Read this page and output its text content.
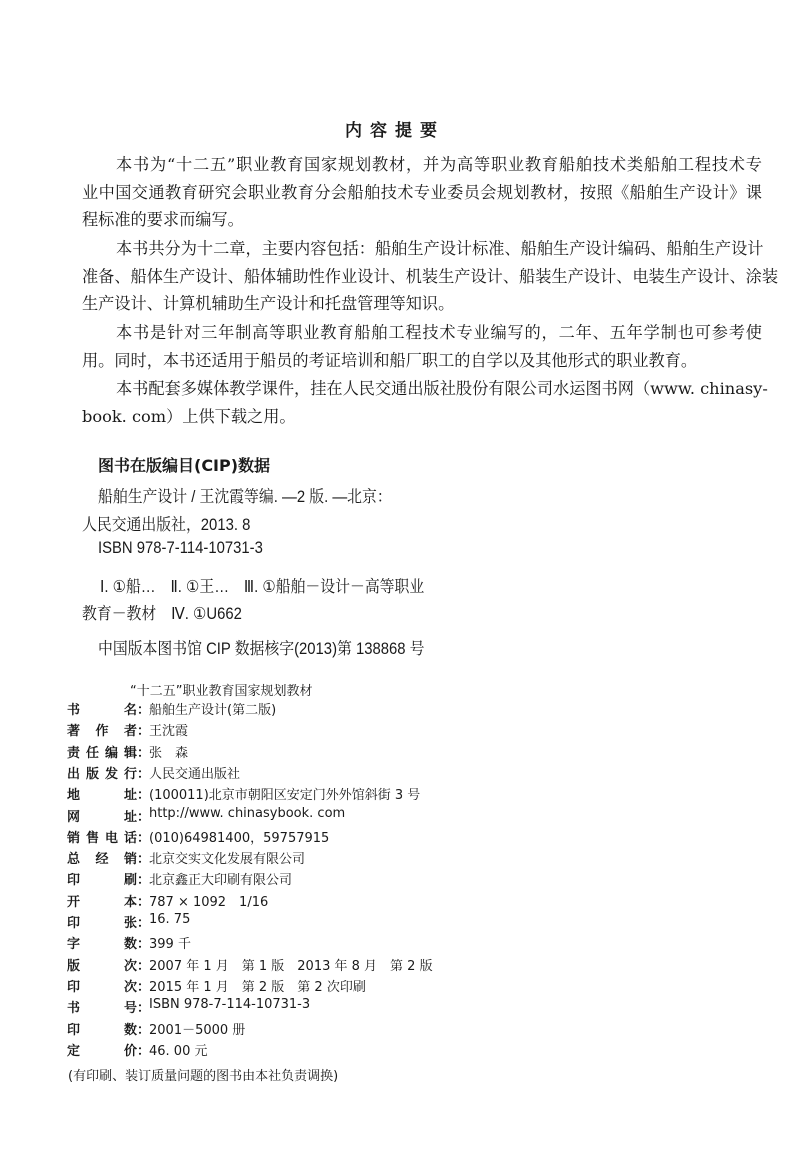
内容提要
本书为“十二五”职业教育国家规划教材，并为高等职业教育船舶技术类船舶工程技术专
业中国交通教育研究会职业教育分会船舶技术专业委员会规划教材，按照《船舶生产设计》课
程标准的要求而编写。
本书共分为十二章，主要内容包括：船舶生产设计标准、船舶生产设计编码、船舶生产设计
准备、船体生产设计、船体辅助性作业设计、机装生产设计、船装生产设计、电装生产设计、涂装
生产设计、计算机辅助生产设计和托盘管理等知识。
本书是针对三年制高等职业教育船舶工程技术专业编写的，二年、五年学制也可参考使
用。同时，本书还适用于船员的考证培训和船厂职工的自学以及其他形式的职业教育。
本书配套多媒体教学课件，挂在人民交通出版社股份有限公司水运图书网（www. chinasy-
book. com）上供下载之用。
图书在版编目(CIP)数据
船舶生产设计 / 王沈霞等编. —2 版. —北京：
人民交通出版社，2013. 8
ISBN 978-7-114-10731-3
Ⅰ. ①船…　Ⅱ. ①王…　Ⅲ. ①船舶－设计－高等职业
教育－教材　Ⅳ. ①U662
中国版本图书馆 CIP 数据核字(2013)第 138868 号
“十二五”职业教育国家规划教材
书	名 ：
船舶生产设计(第二版)
著 作 者 ：
王沈霞
责 任 编 辑 ：
张　森
出 版 发 行 ：
人民交通出版社
地	址 ：
(100011)北京市朝阳区安定门外外馆斜街 3 号
网	址 ：
http://www. chinasybook. com
销 售 电 话 ：
(010)64981400，59757915
总 经 销 ：
北京交实文化发展有限公司
印	刷 ：
北京鑫正大印刷有限公司
开	本 ：
787 × 1092　1/16
印	张 ：
16. 75
字	数 ：
399 千
版	次 ：
2007 年 1 月　第 1 版　2013 年 8 月　第 2 版
印	次 ：
2015 年 1 月　第 2 版　第 2 次印刷
书	号 ：
ISBN 978-7-114-10731-3
印	数 ：
2001－5000 册
定	价 ：
46. 00 元
(有印刷、装订质量问题的图书由本社负责调换)
